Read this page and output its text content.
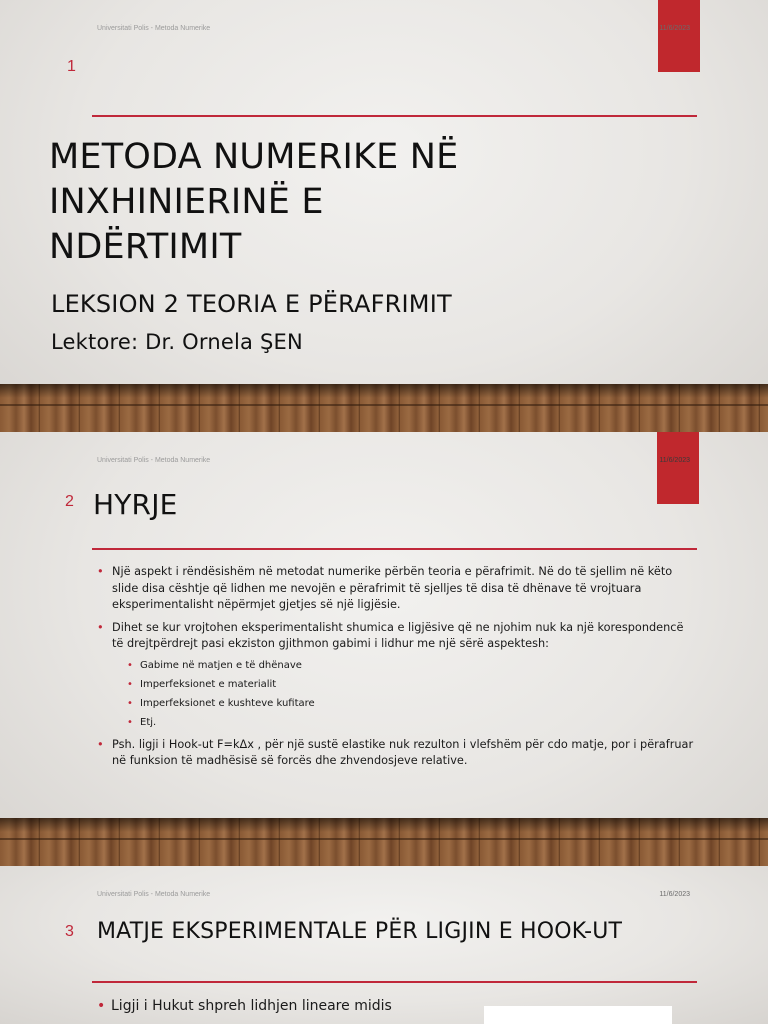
Universitati Polis - Metoda Numerike	11/6/2023
1
METODA NUMERIKE NË
INXHINIERINË E
NDËRTIMIT
LEKSION 2 TEORIA E PËRAFRIMIT
Lektore: Dr. Ornela ŞEN
Universitati Polis - Metoda Numerike	11/6/2023
2 HYRJE
• Një aspekt i rëndësishëm në metodat numerike përbën teoria e përafrimit. Në do të sjellim në këto slide disa cështje që lidhen me nevojën e përafrimit të sjelljes të disa të dhënave të vrojtuara eksperimentalisht nëpërmjet gjetjes së një ligjësie.
• Dihet se kur vrojtohen eksperimentalisht shumica e ligjësive që ne njohim nuk ka një korespondencë të drejtpërdrejt pasi ekziston gjithmon gabimi i lidhur me një sërë aspektesh:
• Gabime në matjen e të dhënave
• Imperfeksionet e materialit
• Imperfeksionet e kushteve kufitare
• Etj.
• Psh. ligji i Hook-ut F=kΔx , për një sustë elastike nuk rezulton i vlefshëm për cdo matje, por i përafruar në funksion të madhësisë së forcës dhe zhvendosjeve relative.
Universitati Polis - Metoda Numerike	11/6/2023
3 MATJE EKSPERIMENTALE PËR LIGJIN E HOOK-UT
• Ligji i Hukut shpreh lidhjen lineare midis
